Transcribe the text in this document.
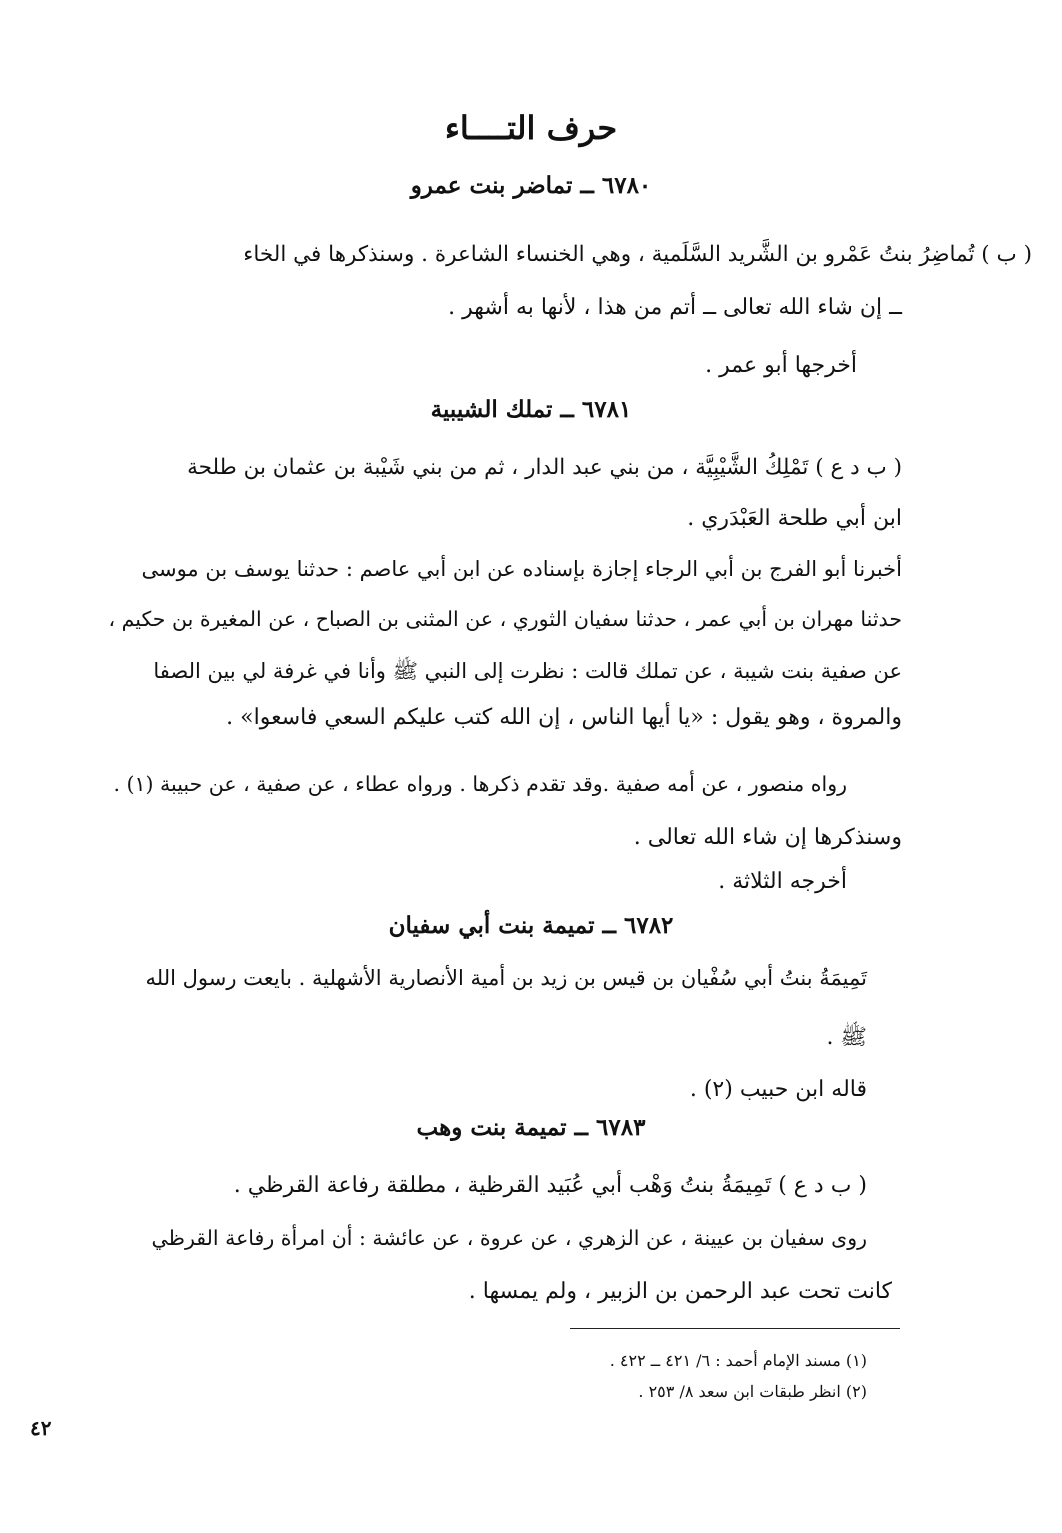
حرف التــــاء
٦٧٨٠ ــ تماضر بنت عمرو
( ب ) تُماضِرُ بنتُ عَمْرو بن الشَّريد السَّلَمية ، وهي الخنساء الشاعرة . وسنذكرها في الخاء
ــ إن شاء الله تعالى ــ أتم من هذا ، لأنها به أشهر .
أخرجها أبو عمر .
٦٧٨١ ــ تملك الشيبية
( ب د ع ) تَمْلِكُ الشَّيْبِيَّة ، من بني عبد الدار ، ثم من بني شَيْبة بن عثمان بن طلحة
ابن أبي طلحة العَبْدَري .
أخبرنا أبو الفرج بن أبي الرجاء إجازة بإسناده عن ابن أبي عاصم : حدثنا يوسف بن موسى
حدثنا مهران بن أبي عمر ، حدثنا سفيان الثوري ، عن المثنى بن الصباح ، عن المغيرة بن حكيم ،
عن صفية بنت شيبة ، عن تملك قالت : نظرت إلى النبي ﷺ وأنا في غرفة لي بين الصفا
والمروة ، وهو يقول : «يا أيها الناس ، إن الله كتب عليكم السعي فاسعوا» .
رواه منصور ، عن أمه صفية .وقد تقدم ذكرها . ورواه عطاء ، عن صفية ، عن حبيبة (١) .
وسنذكرها إن شاء الله تعالى .
أخرجه الثلاثة .
٦٧٨٢ ــ تميمة بنت أبي سفيان
تَمِيمَةُ بنتُ أبي سُفْيان بن قيس بن زيد بن أمية الأنصارية الأشهلية . بايعت رسول الله
ﷺ .
قاله ابن حبيب (٢) .
٦٧٨٣ ــ تميمة بنت وهب
( ب د ع ) تَمِيمَةُ بنتُ وَهْب أبي عُبَيد القرظية ، مطلقة رفاعة القرظي .
روى سفيان بن عيينة ، عن الزهري ، عن عروة ، عن عائشة : أن امرأة رفاعة القرظي
كانت تحت عبد الرحمن بن الزبير ، ولم يمسها .
(١) مسند الإمام أحمد : ٦/ ٤٢١ ــ ٤٢٢ .
(٢) انظر طبقات ابن سعد ٨/ ٢٥٣ .
٤٢
